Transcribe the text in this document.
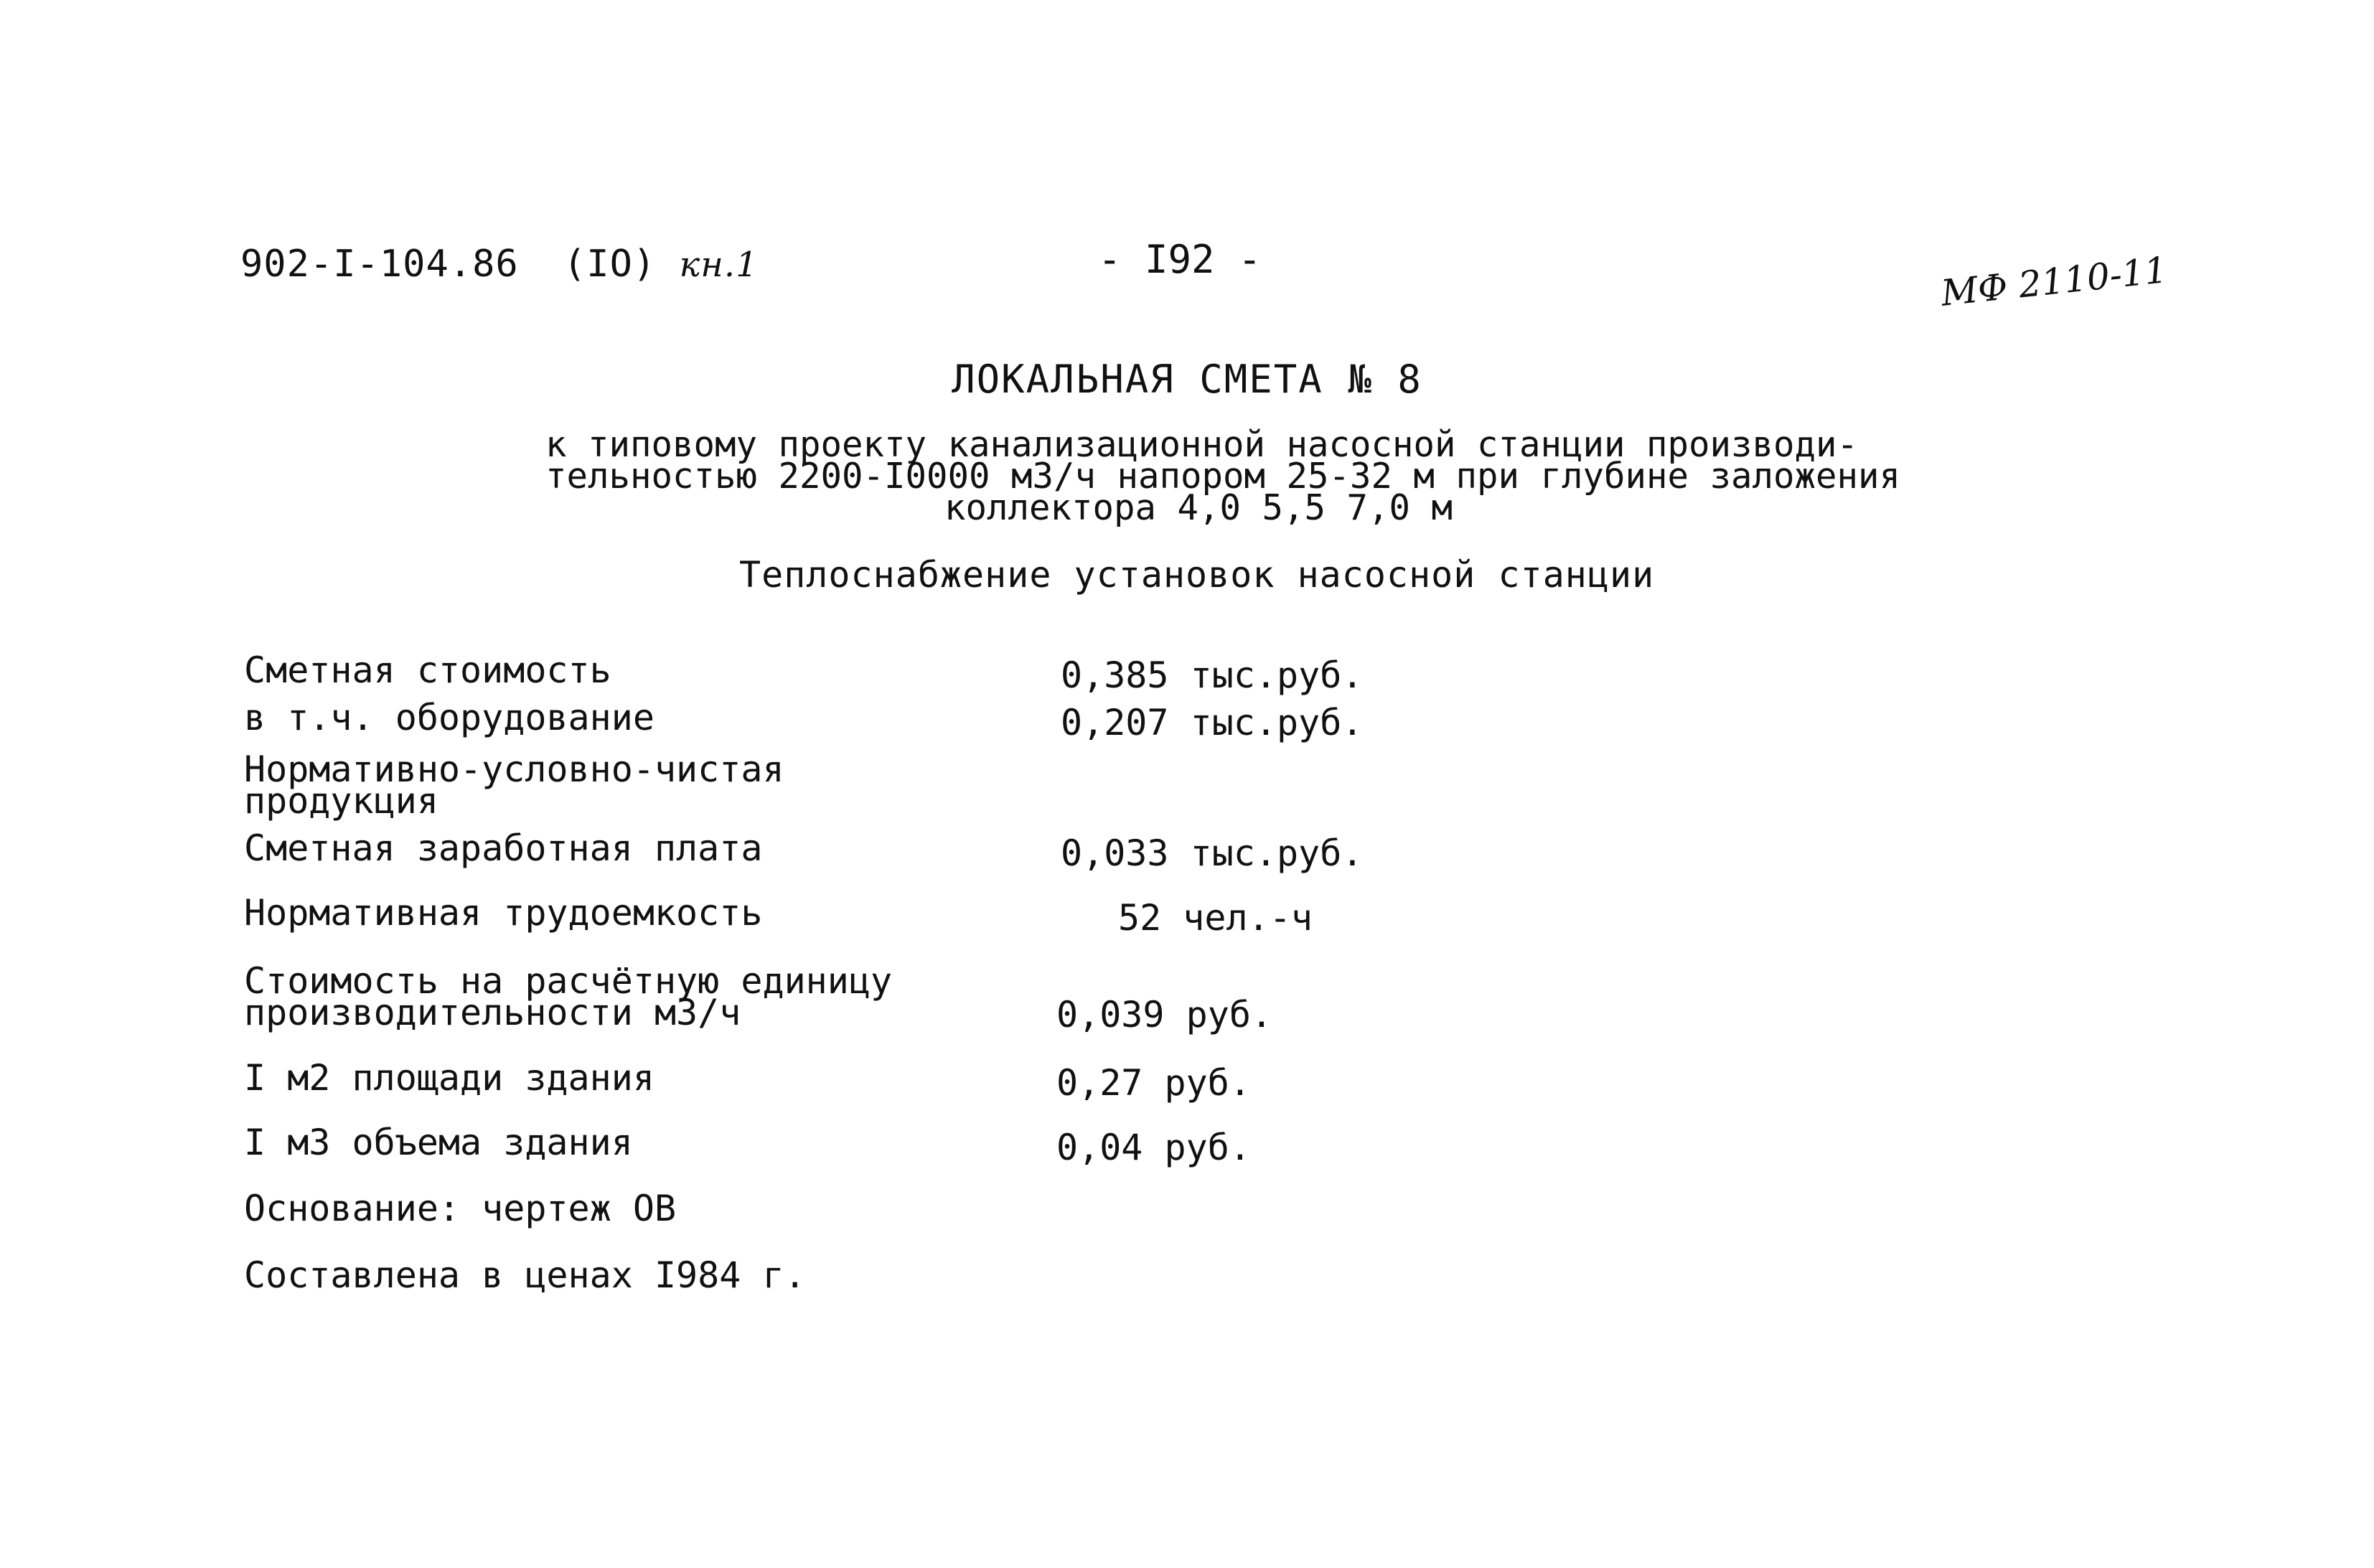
902-I-104.86 (IO) кн.1	- I92 -	МФ 2110-11
ЛОКАЛЬНАЯ СМЕТА № 8
к типовому проекту канализационной насосной станции производи-
тельностью 2200-I0000 м3/ч напором 25-32 м при глубине заложения
коллектора 4,0 5,5 7,0 м
Теплоснабжение установок насосной станции
Сметная стоимость	0,385 тыс.руб.
в т.ч. оборудование	0,207 тыс.руб.
Нормативно-условно-чистая
продукция
Сметная заработная плата	0,033 тыс.руб.
Нормативная трудоемкость	52 чел.-ч
Стоимость на расчётную единицу
производительности м3/ч	0,039 руб.
I м2 площади здания	0,27 руб.
I м3 объема здания	0,04 руб.
Основание: чертеж ОВ
Составлена в ценах I984 г.
